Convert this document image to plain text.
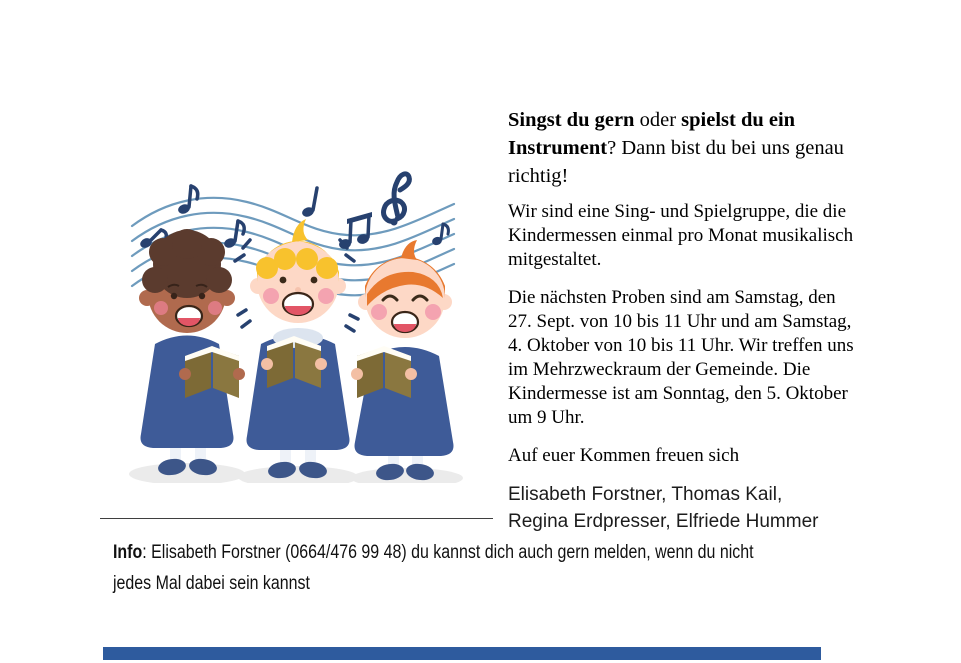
Singst du gern oder spielst du ein Instrument? Dann bist du bei uns genau richtig!

Wir sind eine Sing- und Spielgruppe, die die Kindermessen einmal pro Monat musikalisch mitgestaltet.

Die nächsten Proben sind am Samstag, den 27. Sept. von 10 bis 11 Uhr und am Samstag, 4. Oktober von 10 bis 11 Uhr. Wir treffen uns im Mehrzweckraum der Gemeinde. Die Kindermesse ist am Sonntag, den 5. Oktober um 9 Uhr.

Auf euer Kommen freuen sich

Elisabeth Forstner, Thomas Kail,
Regina Erdpresser, Elfriede Hummer
Info: Elisabeth Forstner (0664/476 99 48) du kannst dich auch gern melden, wenn du nicht
jedes Mal dabei sein kannst
